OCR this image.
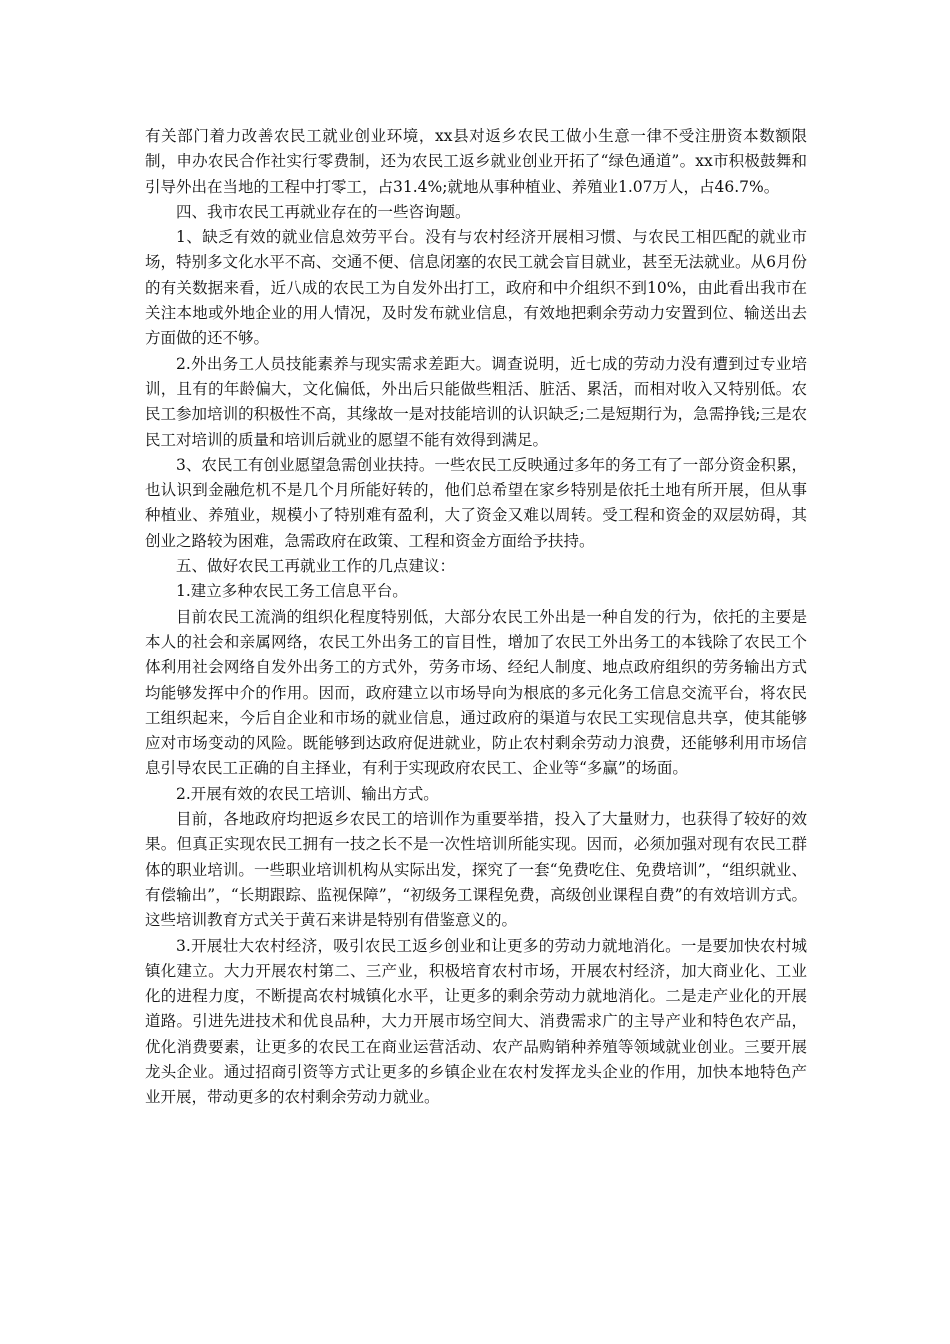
有关部门着力改善农民工就业创业环境，xx县对返乡农民工做小生意一律不受注册资本数额限制，申办农民合作社实行零费制，还为农民工返乡就业创业开拓了“绿色通道”。xx市积极鼓舞和引导外出在当地的工程中打零工，占31.4%;就地从事种植业、养殖业1.07万人，占46.7%。

四、我市农民工再就业存在的一些咨询题。

1、缺乏有效的就业信息效劳平台。没有与农村经济开展相习惯、与农民工相匹配的就业市场，特别多文化水平不高、交通不便、信息闭塞的农民工就会盲目就业，甚至无法就业。从6月份的有关数据来看，近八成的农民工为自发外出打工，政府和中介组织不到10%，由此看出我市在关注本地或外地企业的用人情况，及时发布就业信息，有效地把剩余劳动力安置到位、输送出去方面做的还不够。

2.外出务工人员技能素养与现实需求差距大。调查说明，近七成的劳动力没有遭到过专业培训，且有的年龄偏大，文化偏低，外出后只能做些粗活、脏活、累活，而相对收入又特别低。农民工参加培训的积极性不高，其缘故一是对技能培训的认识缺乏;二是短期行为，急需挣钱;三是农民工对培训的质量和培训后就业的愿望不能有效得到满足。

3、农民工有创业愿望急需创业扶持。一些农民工反映通过多年的务工有了一部分资金积累，也认识到金融危机不是几个月所能好转的，他们总希望在家乡特别是依托土地有所开展，但从事种植业、养殖业，规模小了特别难有盈利，大了资金又难以周转。受工程和资金的双层妨碍，其创业之路较为困难，急需政府在政策、工程和资金方面给予扶持。

五、做好农民工再就业工作的几点建议：

1.建立多种农民工务工信息平台。

目前农民工流淌的组织化程度特别低，大部分农民工外出是一种自发的行为，依托的主要是本人的社会和亲属网络，农民工外出务工的盲目性，增加了农民工外出务工的本钱除了农民工个体利用社会网络自发外出务工的方式外，劳务市场、经纪人制度、地点政府组织的劳务输出方式均能够发挥中介的作用。因而，政府建立以市场导向为根底的多元化务工信息交流平台，将农民工组织起来，今后自企业和市场的就业信息，通过政府的渠道与农民工实现信息共享，使其能够应对市场变动的风险。既能够到达政府促进就业，防止农村剩余劳动力浪费，还能够利用市场信息引导农民工正确的自主择业，有利于实现政府农民工、企业等“多赢”的场面。

2.开展有效的农民工培训、输出方式。

目前，各地政府均把返乡农民工的培训作为重要举措，投入了大量财力，也获得了较好的效果。但真正实现农民工拥有一技之长不是一次性培训所能实现。因而，必须加强对现有农民工群体的职业培训。一些职业培训机构从实际出发，探究了一套“免费吃住、免费培训”，“组织就业、有偿输出”，“长期跟踪、监视保障”，“初级务工课程免费，高级创业课程自费”的有效培训方式。这些培训教育方式关于黄石来讲是特别有借鉴意义的。

3.开展壮大农村经济，吸引农民工返乡创业和让更多的劳动力就地消化。一是要加快农村城镇化建立。大力开展农村第二、三产业，积极培育农村市场，开展农村经济，加大商业化、工业化的进程力度，不断提高农村城镇化水平，让更多的剩余劳动力就地消化。二是走产业化的开展道路。引进先进技术和优良品种，大力开展市场空间大、消费需求广的主导产业和特色农产品，优化消费要素，让更多的农民工在商业运营活动、农产品购销种养殖等领域就业创业。三要开展龙头企业。通过招商引资等方式让更多的乡镇企业在农村发挥龙头企业的作用，加快本地特色产业开展，带动更多的农村剩余劳动力就业。
